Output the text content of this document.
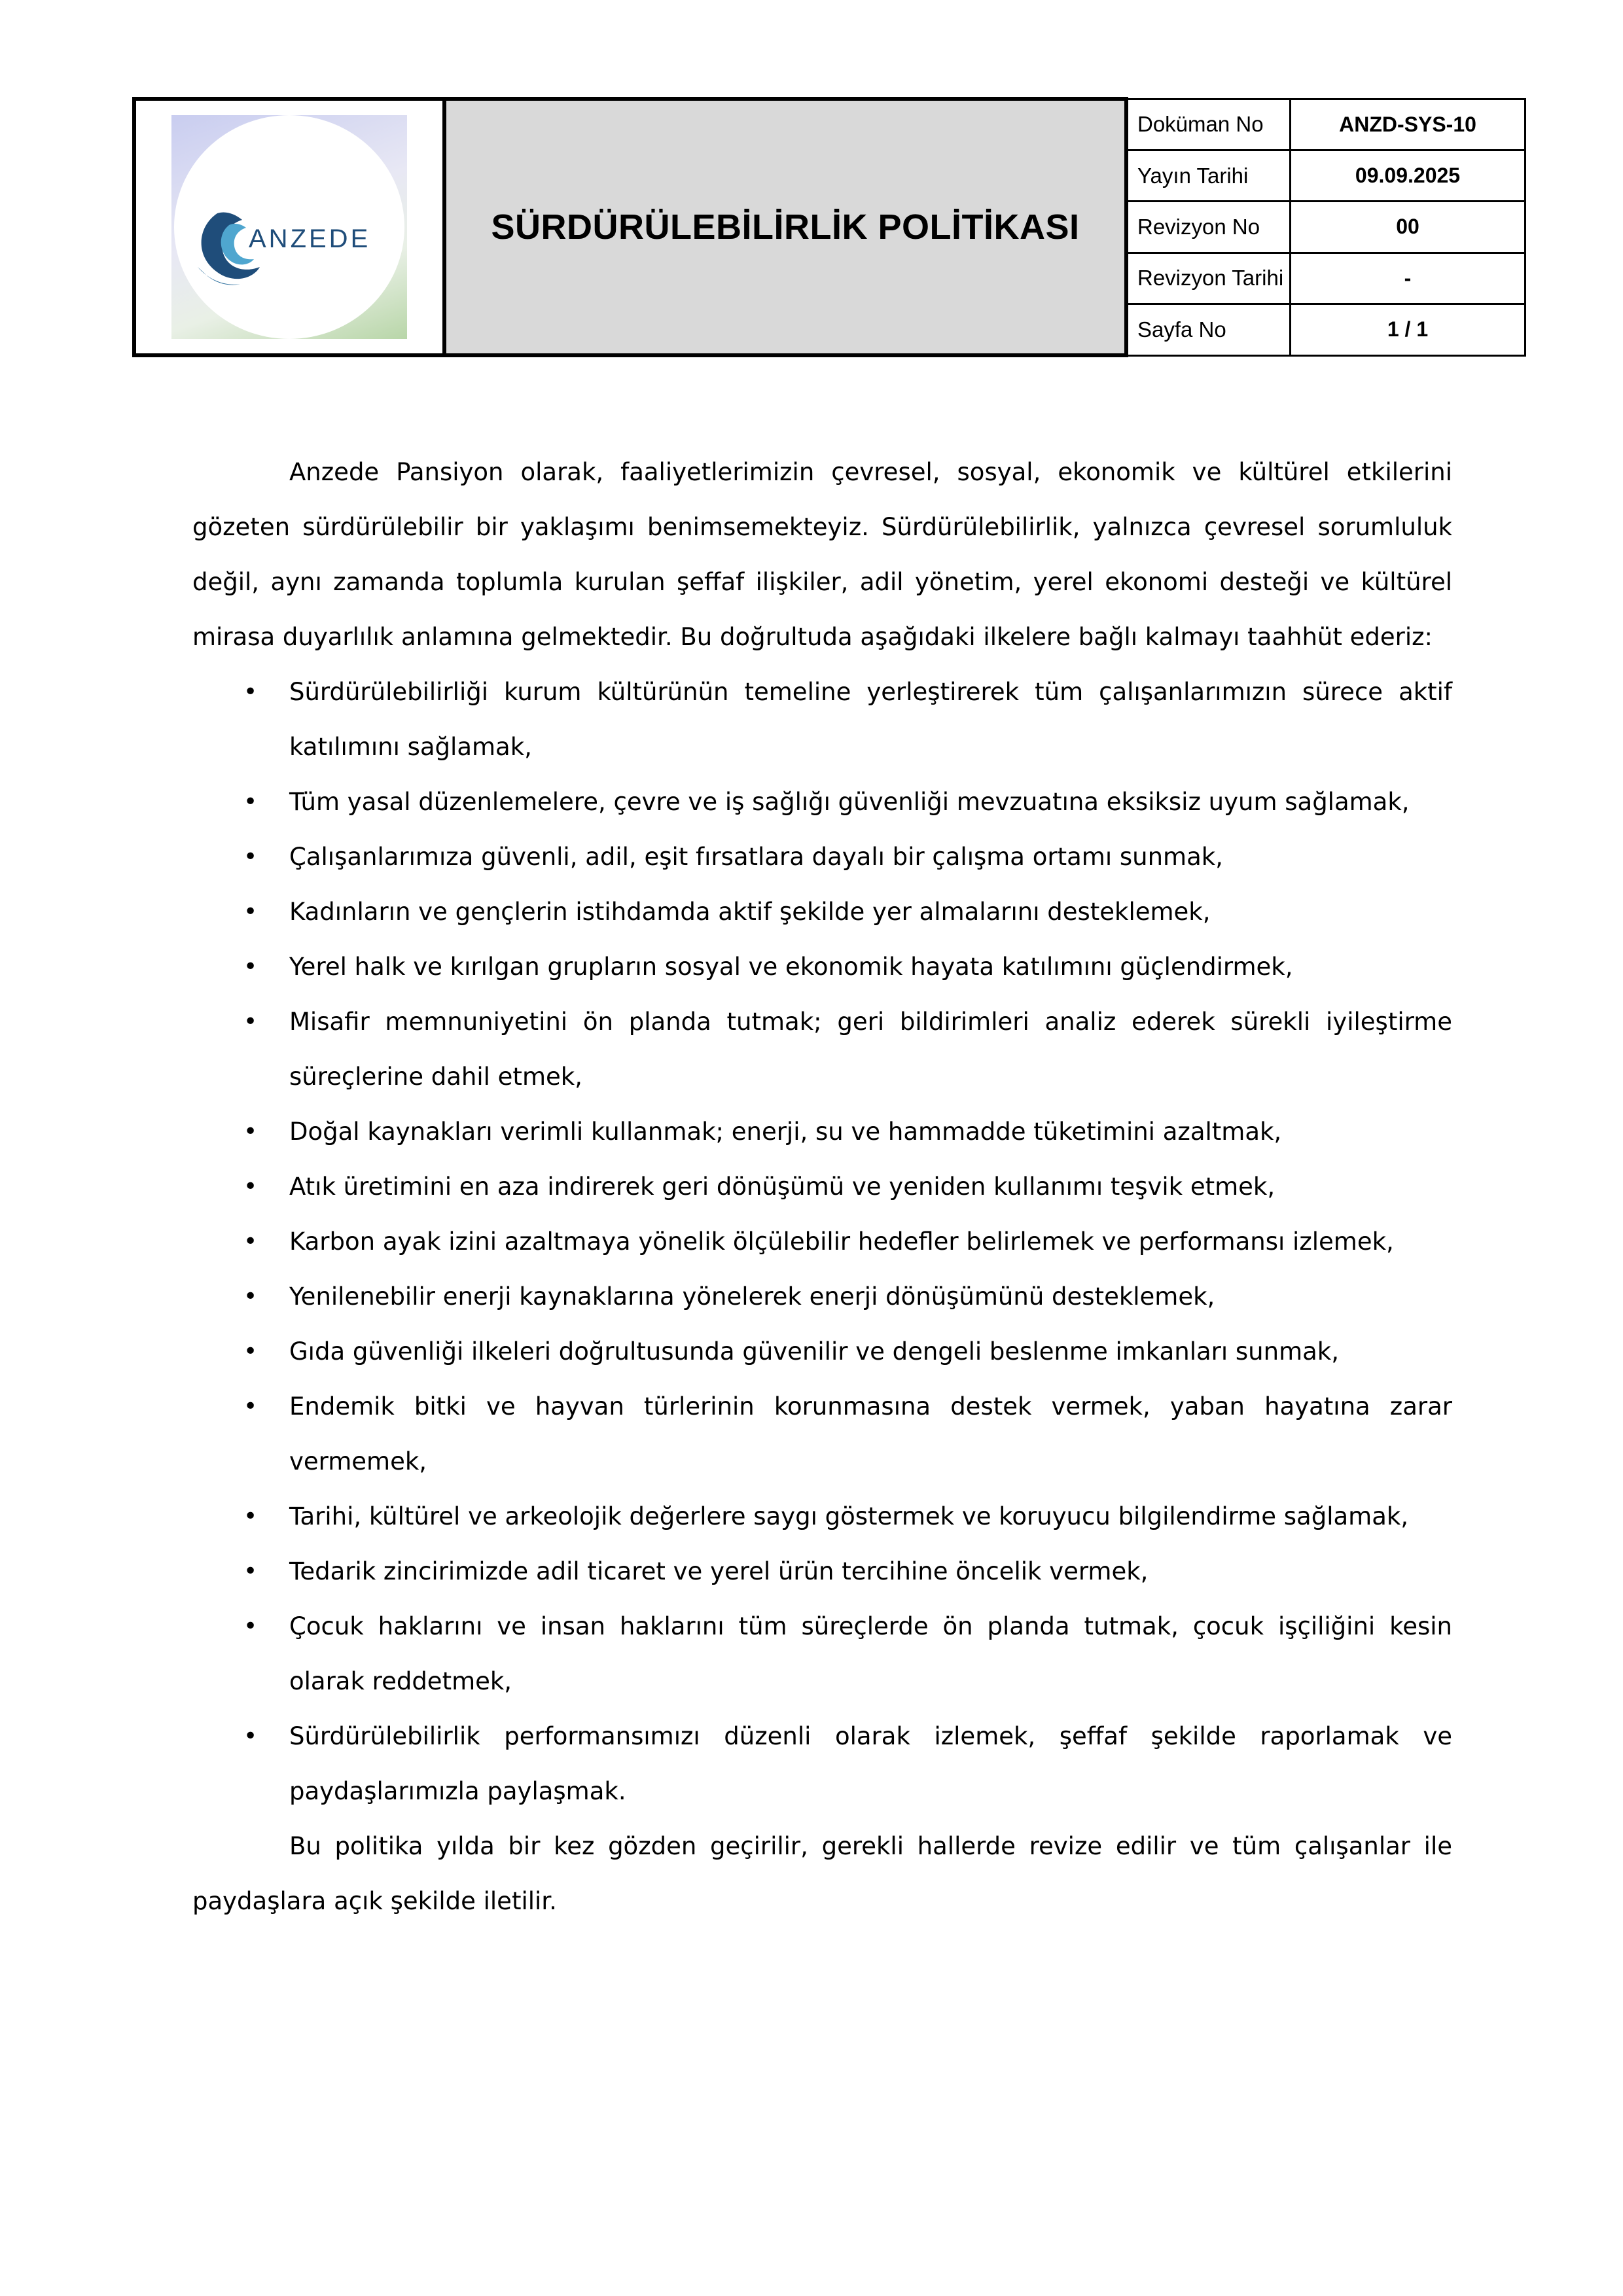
ANZEDE	SÜRDÜRÜLEBİLİRLİK POLİTİKASI	Doküman No	ANZD-SYS-10
		Yayın Tarihi	09.09.2025
		Revizyon No	00

		Revizyon Tarihi	-
		Sayfa No	1 / 1

Anzede Pansiyon olarak, faaliyetlerimizin çevresel, sosyal, ekonomik ve kültürel etkilerini gözeten sürdürülebilir bir yaklaşımı benimsemekteyiz. Sürdürülebilirlik, yalnızca çevresel sorumluluk değil, aynı zamanda toplumla kurulan şeffaf ilişkiler, adil yönetim, yerel ekonomi desteği ve kültürel mirasa duyarlılık anlamına gelmektedir. Bu doğrultuda aşağıdaki ilkelere bağlı kalmayı taahhüt ederiz:

• Sürdürülebilirliği kurum kültürünün temeline yerleştirerek tüm çalışanlarımızın sürece aktif katılımını sağlamak,
• Tüm yasal düzenlemelere, çevre ve iş sağlığı güvenliği mevzuatına eksiksiz uyum sağlamak,
• Çalışanlarımıza güvenli, adil, eşit fırsatlara dayalı bir çalışma ortamı sunmak,
• Kadınların ve gençlerin istihdamda aktif şekilde yer almalarını desteklemek,
• Yerel halk ve kırılgan grupların sosyal ve ekonomik hayata katılımını güçlendirmek,
• Misafir memnuniyetini ön planda tutmak; geri bildirimleri analiz ederek sürekli iyileştirme süreçlerine dahil etmek,
• Doğal kaynakları verimli kullanmak; enerji, su ve hammadde tüketimini azaltmak,
• Atık üretimini en aza indirerek geri dönüşümü ve yeniden kullanımı teşvik etmek,
• Karbon ayak izini azaltmaya yönelik ölçülebilir hedefler belirlemek ve performansı izlemek,
• Yenilenebilir enerji kaynaklarına yönelerek enerji dönüşümünü desteklemek,
• Gıda güvenliği ilkeleri doğrultusunda güvenilir ve dengeli beslenme imkanları sunmak,
• Endemik bitki ve hayvan türlerinin korunmasına destek vermek, yaban hayatına zarar vermemek,
• Tarihi, kültürel ve arkeolojik değerlere saygı göstermek ve koruyucu bilgilendirme sağlamak,
• Tedarik zincirimizde adil ticaret ve yerel ürün tercihine öncelik vermek,
• Çocuk haklarını ve insan haklarını tüm süreçlerde ön planda tutmak, çocuk işçiliğini kesin olarak reddetmek,
• Sürdürülebilirlik performansımızı düzenli olarak izlemek, şeffaf şekilde raporlamak ve paydaşlarımızla paylaşmak.

Bu politika yılda bir kez gözden geçirilir, gerekli hallerde revize edilir ve tüm çalışanlar ile paydaşlara açık şekilde iletilir.
